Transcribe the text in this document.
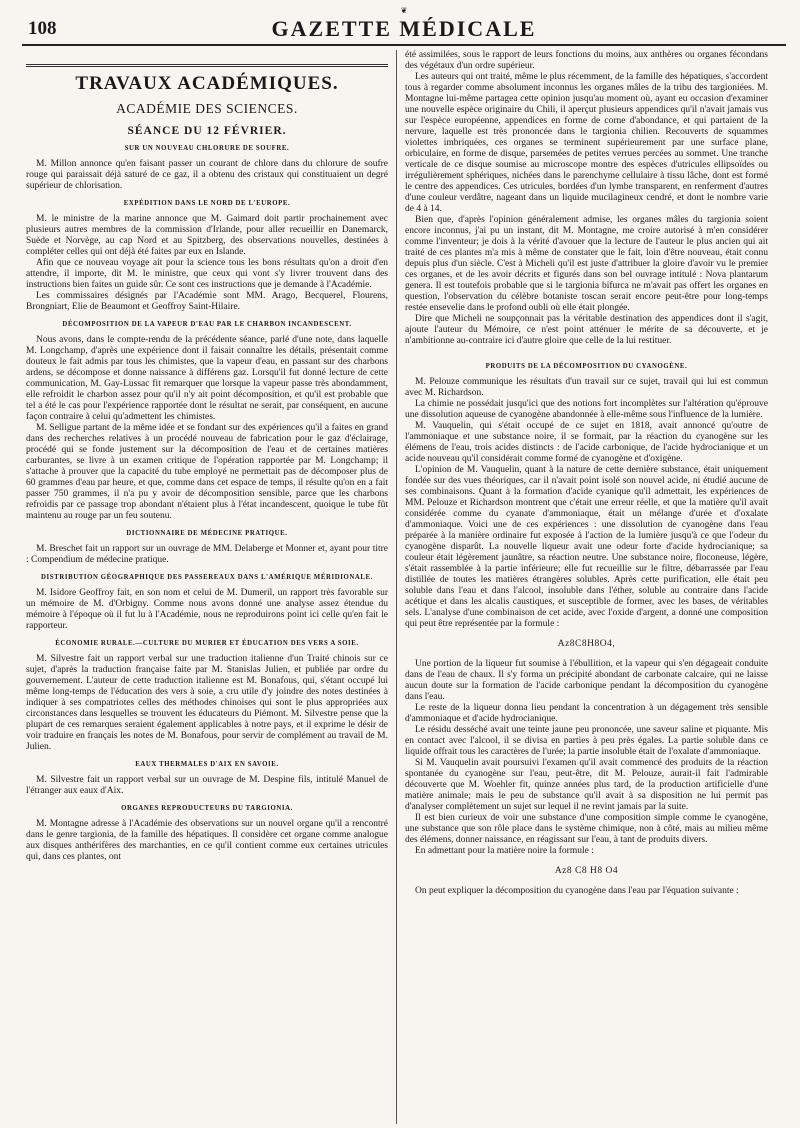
❦
108	GAZETTE MÉDICALE
TRAVAUX ACADÉMIQUES.
ACADÉMIE DES SCIENCES.
SÉANCE DU 12 FÉVRIER.
SUR UN NOUVEAU CHLORURE DE SOUFRE.

M. Millon annonce qu'en faisant passer un courant de chlore dans du chlorure de soufre rouge qui paraissait déjà saturé de ce gaz, il a obtenu des cristaux qui constituaient un degré supérieur de chlorisation.

EXPÉDITION DANS LE NORD DE L'EUROPE.

M. le ministre de la marine annonce que M. Gaimard doit partir prochainement avec plusieurs autres membres de la commission d'Irlande, pour aller recueillir en Danemarck, Suède et Norvège, au cap Nord et au Spitzberg, des observations nouvelles, destinées à compléter celles qui ont déjà été faites par eux en Islande.

Afin que ce nouveau voyage ait pour la science tous les bons résultats qu'on a droit d'en attendre, il importe, dit M. le ministre, que ceux qui vont s'y livrer trouvent dans des instructions bien faites un guide sûr. Ce sont ces instructions que je demande à l'Académie.

Les commissaires désignés par l'Académie sont MM. Arago, Becquerel, Flourens, Brongniart, Elie de Beaumont et Geoffroy Saint-Hilaire.

DÉCOMPOSITION DE LA VAPEUR D'EAU PAR LE CHARBON INCANDESCENT.

Nous avons, dans le compte-rendu de la précédente séance, parlé d'une note, dans laquelle M. Longchamp, d'après une expérience dont il faisait connaître les détails, présentait comme douteux le fait admis par tous les chimistes, que la vapeur d'eau, en passant sur des charbons ardens, se décompose et donne naissance à différens gaz. Lorsqu'il fut donné lecture de cette communication, M. Gay-Lussac fit remarquer que lorsque la vapeur passe très abondamment, elle refroidit le charbon assez pour qu'il n'y ait point décomposition, et qu'il est probable que tel a été le cas pour l'expérience rapportée dont le résultat ne serait, par conséquent, en aucune façon contraire à celui qu'admettent les chimistes.

M. Selligue partant de la même idée et se fondant sur des expériences qu'il a faites en grand dans des recherches relatives à un procédé nouveau de fabrication pour le gaz d'éclairage, procédé qui se fonde justement sur la décomposition de l'eau et de certaines matières carburantes, se livre à un examen critique de l'opération rapportée par M. Longchamp; il s'attache à prouver que la capacité du tube employé ne permettait pas de décomposer plus de 60 grammes d'eau par heure, et que, comme dans cet espace de temps, il résulte qu'on en a fait passer 750 grammes, il n'a pu y avoir de décomposition sensible, parce que les charbons refroidis par ce passage trop abondant n'étaient plus à l'état incandescent, quoique le tube fût maintenu au rouge par un feu soutenu.

DICTIONNAIRE DE MÉDECINE PRATIQUE.

M. Breschet fait un rapport sur un ouvrage de MM. Delaberge et Monner et, ayant pour titre : Compendium de médecine pratique.

DISTRIBUTION GÉOGRAPHIQUE DES PASSEREAUX DANS L'AMÉRIQUE MÉRIDIONALE.

M. Isidore Geoffroy fait, en son nom et celui de M. Dumeril, un rapport très favorable sur un mémoire de M. d'Orbigny. Comme nous avons donné une analyse assez étendue du mémoire à l'époque où il fut lu à l'Académie, nous ne reproduirons point ici celle qu'en fait le rapporteur.

ÉCONOMIE RURALE.—CULTURE DU MURIER ET ÉDUCATION DES VERS A SOIE.

M. Silvestre fait un rapport verbal sur une traduction italienne d'un Traité chinois sur ce sujet, d'après la traduction française faite par M. Stanislas Julien, et publiée par ordre du gouvernement. L'auteur de cette traduction italienne est M. Bonafous, qui, s'étant occupé lui même long-temps de l'éducation des vers à soie, a cru utile d'y joindre des notes destinées à indiquer à ses compatriotes celles des méthodes chinoises qui sont le plus appropriées aux circonstances dans lesquelles se trouvent les éducateurs du Piémont. M. Silvestre pense que la plupart de ces remarques seraient également applicables à notre pays, et il exprime le désir de voir traduire en français les notes de M. Bonafous, pour servir de complément au travail de M. Julien.

EAUX THERMALES D'AIX EN SAVOIE.

M. Silvestre fait un rapport verbal sur un ouvrage de M. Despine fils, intitulé Manuel de l'étranger aux eaux d'Aix.

ORGANES REPRODUCTEURS DU TARGIONIA.

M. Montagne adresse à l'Académie des observations sur un nouvel organe qu'il a rencontré dans le genre targionia, de la famille des hépatiques. Il considère cet organe comme analogue aux disques anthérifères des marchanties, en ce qu'il contient comme eux certaines utricules qui, dans ces plantes, ont

été assimilées, sous le rapport de leurs fonctions du moins, aux anthères ou organes fécondans des végétaux d'un ordre supérieur.

Les auteurs qui ont traité, même le plus récemment, de la famille des hépatiques, s'accordent tous à regarder comme absolument inconnus les organes mâles de la tribu des targioniées. M. Montagne lui-même partagea cette opinion jusqu'au moment où, ayant eu occasion d'examiner une nouvelle espèce originaire du Chili, il aperçut plusieurs appendices qu'il n'avait jamais vus sur l'espèce européenne, appendices en forme de corne d'abondance, et qui partaient de la nervure, laquelle est très prononcée dans le targionia chilien. Recouverts de squammes violettes imbriquées, ces organes se terminent supérieurement par une surface plane, orbiculaire, en forme de disque, parsemées de petites verrues percées au sommet. Une tranche verticale de ce disque soumise au microscope montre des espèces d'utricules ellipsoïdes ou irrégulièrement sphériques, nichées dans le parenchyme cellulaire à tissu lâche, dont est formé le centre des appendices. Ces utricules, bordées d'un lymbe transparent, en renferment d'autres d'une couleur verdâtre, nageant dans un liquide mucilagineux cendré, et dont le nombre varie de 4 à 14.

Bien que, d'après l'opinion généralement admise, les organes mâles du targionia soient encore inconnus, j'ai pu un instant, dit M. Montagne, me croire autorisé à m'en considérer comme l'inventeur; je dois à la vérité d'avouer que la lecture de l'auteur le plus ancien qui ait traité de ces plantes m'a mis à même de constater que le fait, loin d'être nouveau, était connu depuis plus d'un siècle. C'est à Micheli qu'il est juste d'attribuer la gloire d'avoir vu le premier ces organes, et de les avoir décrits et figurés dans son bel ouvrage intitulé : Nova plantarum genera. Il est toutefois probable que si le targionia bifurca ne m'avait pas offert les organes en question, l'observation du célèbre botaniste toscan serait encore peut-être pour long-temps restée ensevelie dans le profond oubli où elle était plongée.

Dire que Micheli ne soupçonnait pas la véritable destination des appendices dont il s'agit, ajoute l'auteur du Mémoire, ce n'est point atténuer le mérite de sa découverte, et je n'ambitionne au-contraire ici d'autre gloire que celle de la lui restituer.

PRODUITS DE LA DÉCOMPOSITION DU CYANOGÈNE.

M. Pelouze communique les résultats d'un travail sur ce sujet, travail qui lui est commun avec M. Richardson.

La chimie ne possédait jusqu'ici que des notions fort incomplètes sur l'altération qu'éprouve une dissolution aqueuse de cyanogène abandonnée à elle-même sous l'influence de la lumière.

M. Vauquelin, qui s'était occupé de ce sujet en 1818, avait annoncé qu'outre de l'ammoniaque et une substance noire, il se formait, par la réaction du cyanogène sur les élémens de l'eau, trois acides distincts : de l'acide carbonique, de l'acide hydrocianique et un acide nouveau qu'il considérait comme formé de cyanogène et d'oxigène.

L'opinion de M. Vauquelin, quant à la nature de cette dernière substance, était uniquement fondée sur des vues théoriques, car il n'avait point isolé son nouvel acide, ni étudié aucune de ses combinaisons. Quant à la formation d'acide cyanique qu'il admettait, les expériences de MM. Pelouze et Richardson montrent que c'était une erreur réelle, et que la matière qu'il avait considérée comme du cyanate d'ammoniaque, était un mélange d'urée et d'oxalate d'ammoniaque. Voici une de ces expériences : une dissolution de cyanogène dans l'eau préparée à la manière ordinaire fut exposée à l'action de la lumière jusqu'à ce que l'odeur du cyanogène disparût. La nouvelle liqueur avait une odeur forte d'acide hydrocianique; sa couleur était légèrement jaunâtre, sa réaction neutre. Une substance noire, floconeuse, légère, s'était rassemblée à la partie inférieure; elle fut recueillie sur le filtre, débarrassée par l'eau distillée de toutes les matières étrangères solubles. Après cette purification, elle était peu soluble dans l'eau et dans l'alcool, insoluble dans l'éther, soluble au contraire dans l'acide acétique et dans les alcalis caustiques, et susceptible de former, avec les bases, de véritables sels. L'analyse d'une combinaison de cet acide, avec l'oxide d'argent, a donné une composition qui peut être représentée par la formule :

Az8C8H8O4,

Une portion de la liqueur fut soumise à l'ébullition, et la vapeur qui s'en dégageait conduite dans de l'eau de chaux. Il s'y forma un précipité abondant de carbonate calcaire, qui ne laisse aucun doute sur la formation de l'acide carbonique pendant la décomposition du cyanogène dans l'eau.

Le reste de la liqueur donna lieu pendant la concentration à un dégagement très sensible d'ammoniaque et d'acide hydrocianique.

Le résidu desséché avait une teinte jaune peu prononcée, une saveur saline et piquante. Mis en contact avec l'alcool, il se divisa en parties à peu près égales. La partie soluble dans ce liquide offrait tous les caractères de l'urée; la partie insoluble était de l'oxalate d'ammoniaque.

Si M. Vauquelin avait poursuivi l'examen qu'il avait commencé des produits de la réaction spontanée du cyanogène sur l'eau, peut-être, dit M. Pelouze, aurait-il fait l'admirable découverte que M. Woehler fit, quinze années plus tard, de la production artificielle d'une matière animale; mais le peu de substance qu'il avait à sa disposition ne lui permit pas d'analyser complètement un sujet sur lequel il ne revint jamais par la suite.

Il est bien curieux de voir une substance d'une composition simple comme le cyanogène, une substance que son rôle place dans le système chimique, non à côté, mais au milieu même des élémens, donner naissance, en réagissant sur l'eau, à tant de produits divers.

En admettant pour la matière noire la formule :

Az8 C8 H8 O4

On peut expliquer la décomposition du cyanogène dans l'eau par l'équation suivante :
